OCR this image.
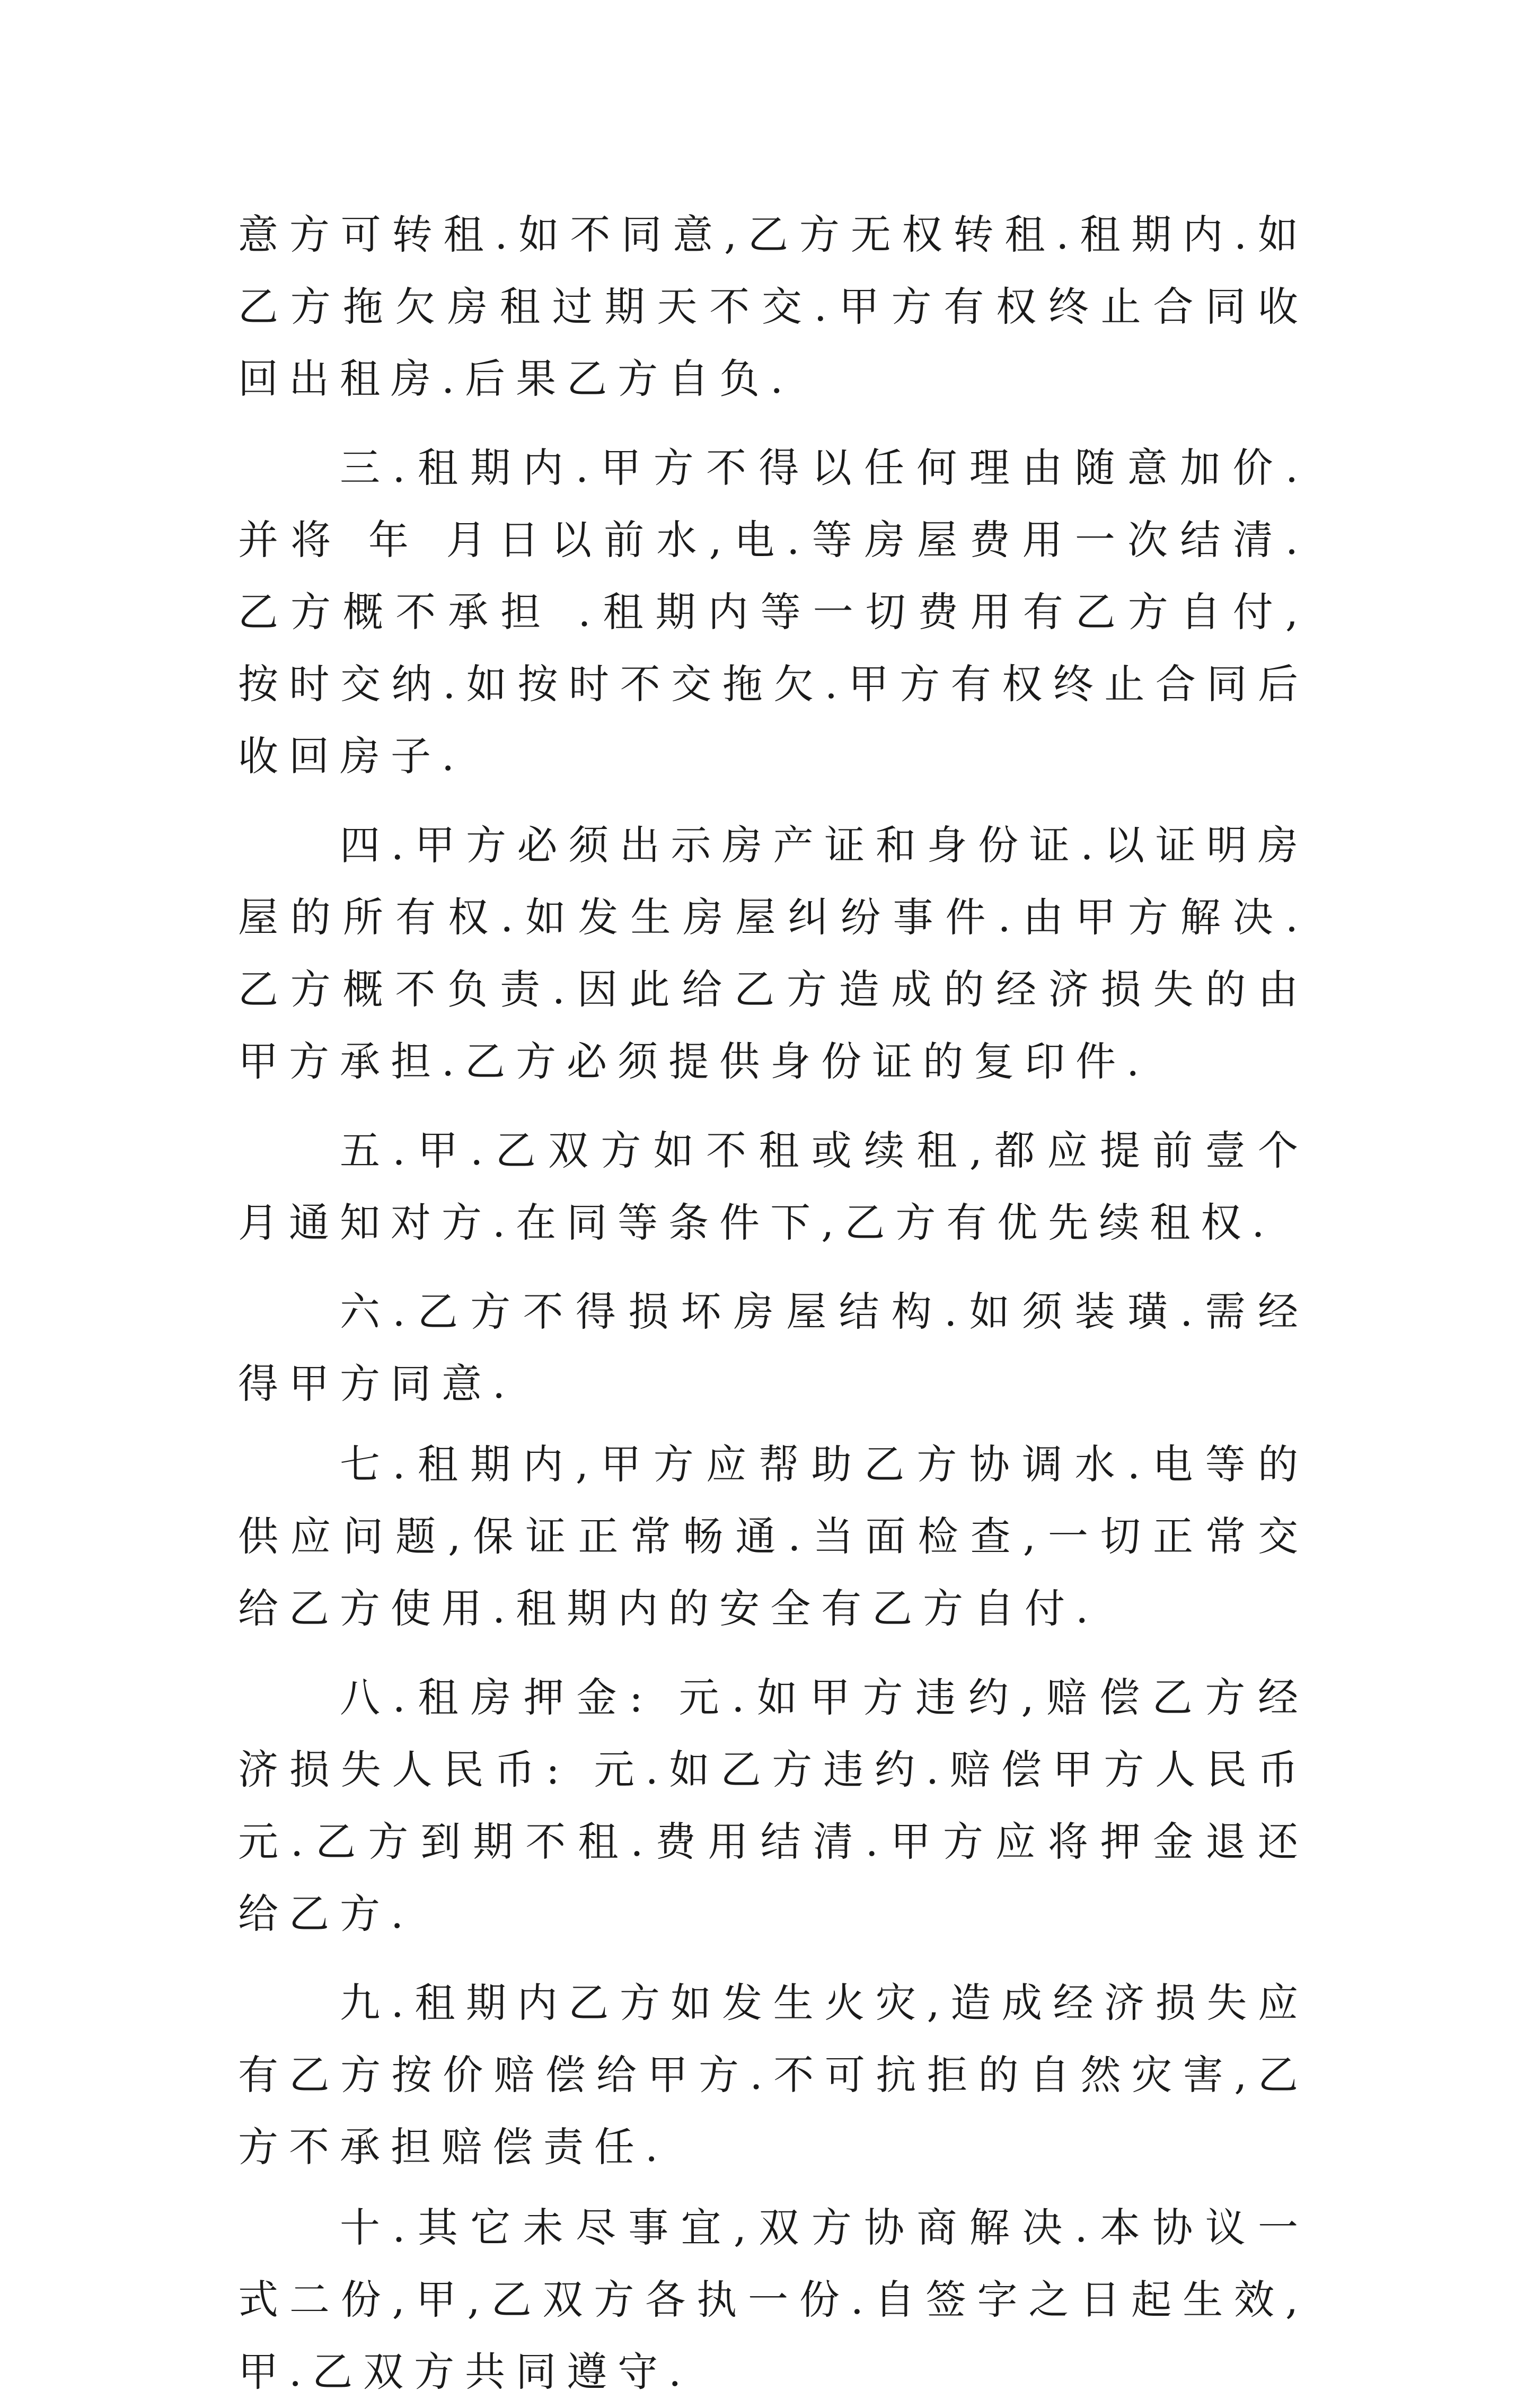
意方可转租.如不同意,乙方无权转租.租期内.如乙方拖欠房租过期天不交.甲方有权终止合同收回出租房.后果乙方自负.

三.租期内.甲方不得以任何理由随意加价.并将 年 月日以前水,电.等房屋费用一次结清.乙方概不承担 .租期内等一切费用有乙方自付,按时交纳.如按时不交拖欠.甲方有权终止合同后收回房子.

四.甲方必须出示房产证和身份证.以证明房屋的所有权.如发生房屋纠纷事件.由甲方解决.乙方概不负责.因此给乙方造成的经济损失的由甲方承担.乙方必须提供身份证的复印件.

五.甲.乙双方如不租或续租,都应提前壹个月通知对方.在同等条件下,乙方有优先续租权.

六.乙方不得损坏房屋结构.如须装璜.需经得甲方同意.

七.租期内,甲方应帮助乙方协调水.电等的供应问题,保证正常畅通.当面检查,一切正常交给乙方使用.租期内的安全有乙方自付.

八.租房押金: 元.如甲方违约,赔偿乙方经济损失人民币: 元.如乙方违约.赔偿甲方人民币 元.乙方到期不租.费用结清.甲方应将押金退还给乙方.

九.租期内乙方如发生火灾,造成经济损失应有乙方按价赔偿给甲方.不可抗拒的自然灾害,乙方不承担赔偿责任.

十.其它未尽事宜,双方协商解决.本协议一式二份,甲,乙双方各执一份.自签字之日起生效,甲.乙双方共同遵守.
